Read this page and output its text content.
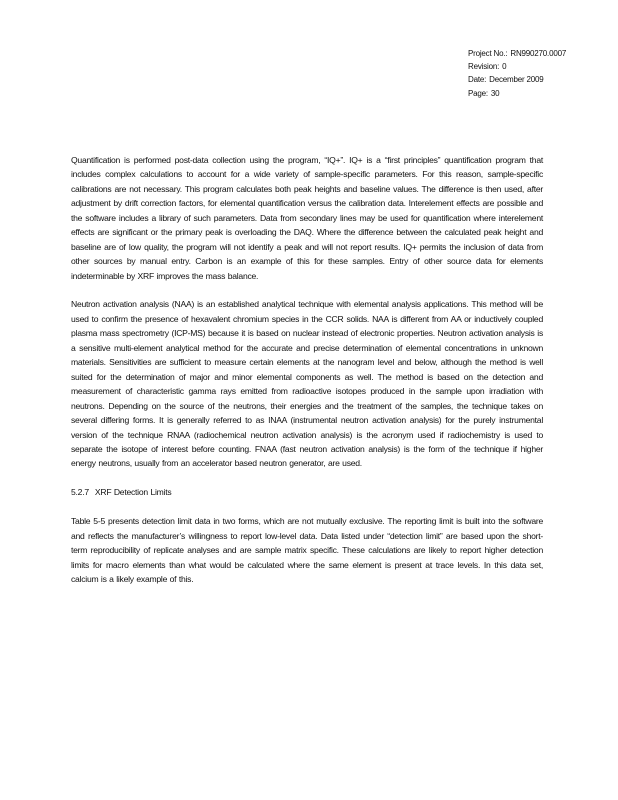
Project No.: RN990270.0007
Revision: 0
Date: December 2009
Page: 30

Quantification is performed post-data collection using the program, “IQ+”. IQ+ is a “first principles” quantification program that includes complex calculations to account for a wide variety of sample-specific parameters. For this reason, sample-specific calibrations are not necessary. This program calculates both peak heights and baseline values. The difference is then used, after adjustment by drift correction factors, for elemental quantification versus the calibration data. Interelement effects are possible and the software includes a library of such parameters. Data from secondary lines may be used for quantification where interelement effects are significant or the primary peak is overloading the DAQ. Where the difference between the calculated peak height and baseline are of low quality, the program will not identify a peak and will not report results. IQ+ permits the inclusion of data from other sources by manual entry. Carbon is an example of this for these samples. Entry of other source data for elements indeterminable by XRF improves the mass balance.

Neutron activation analysis (NAA) is an established analytical technique with elemental analysis applications. This method will be used to confirm the presence of hexavalent chromium species in the CCR solids. NAA is different from AA or inductively coupled plasma mass spectrometry (ICP-MS) because it is based on nuclear instead of electronic properties. Neutron activation analysis is a sensitive multi-element analytical method for the accurate and precise determination of elemental concentrations in unknown materials. Sensitivities are sufficient to measure certain elements at the nanogram level and below, although the method is well suited for the determination of major and minor elemental components as well. The method is based on the detection and measurement of characteristic gamma rays emitted from radioactive isotopes produced in the sample upon irradiation with neutrons. Depending on the source of the neutrons, their energies and the treatment of the samples, the technique takes on several differing forms. It is generally referred to as INAA (instrumental neutron activation analysis) for the purely instrumental version of the technique RNAA (radiochemical neutron activation analysis) is the acronym used if radiochemistry is used to separate the isotope of interest before counting. FNAA (fast neutron activation analysis) is the form of the technique if higher energy neutrons, usually from an accelerator based neutron generator, are used.

5.2.7 XRF Detection Limits

Table 5-5 presents detection limit data in two forms, which are not mutually exclusive. The reporting limit is built into the software and reflects the manufacturer’s willingness to report low-level data. Data listed under “detection limit” are based upon the short-term reproducibility of replicate analyses and are sample matrix specific. These calculations are likely to report higher detection limits for macro elements than what would be calculated where the same element is present at trace levels. In this data set, calcium is a likely example of this.
